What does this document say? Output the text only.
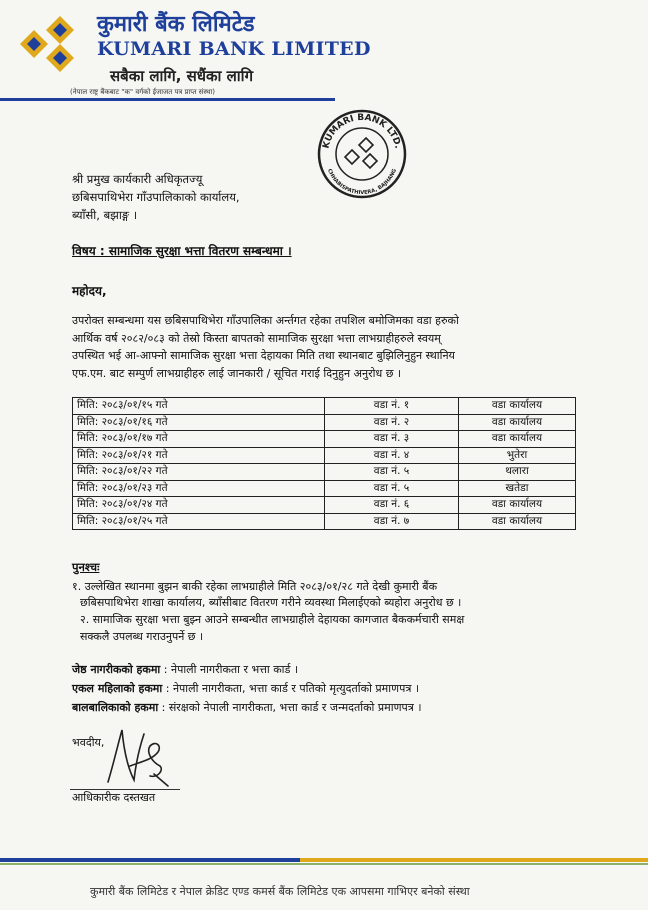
कुमारी बैंक लिमिटेड
KUMARI BANK LIMITED
सबैका लागि, सधैंका लागि
(नेपाल राष्ट्र बैंकबाट "क" वर्गको ईजाजत पत्र प्राप्त संस्था)
KUMARI BANK LTD.
CHHABISPATHIVERA, BAJHANG
श्री प्रमुख कार्यकारी अधिकृतज्यू
छबिसपाथिभेरा गाँउपालिकाको कार्यालय,
ब्याँसी, बझाङ्ग ।
विषय : सामाजिक सुरक्षा भत्ता वितरण सम्बन्धमा ।
महोदय,
उपरोक्त सम्बन्धमा यस छबिसपाथिभेरा गाँउपालिका अर्न्तगत रहेका तपशिल बमोजिमका वडा हरुको
आर्थिक वर्ष २०८२/०८३ को तेस्रो किस्ता बापतको सामाजिक सुरक्षा भत्ता लाभग्राहीहरुले स्वयम्
उपस्थित भई आ-आफ्नो सामाजिक सुरक्षा भत्ता देहायका मिति तथा स्थानबाट बुझिलिनुहुन स्थानिय
एफ.एम. बाट सम्पुर्ण लाभग्राहीहरु लाई जानकारी / सूचित गराई दिनुहुन अनुरोध छ ।
मिति: २०८३/०१/१५ गते	वडा नं. १	वडा कार्यालय
मिति: २०८३/०१/१६ गते	वडा नं. २	वडा कार्यालय
मिति: २०८३/०१/१७ गते	वडा नं. ३	वडा कार्यालय
मिति: २०८३/०१/२१ गते	वडा नं. ४	भुतेरा
मिति: २०८३/०१/२२ गते	वडा नं. ५	थलारा
मिति: २०८३/०१/२३ गते	वडा नं. ५	खतेडा
मिति: २०८३/०१/२४ गते	वडा नं. ६	वडा कार्यालय
मिति: २०८३/०१/२५ गते	वडा नं. ७	वडा कार्यालय
पुनश्चः
१. उल्लेखित स्थानमा बुझन बाकी रहेका लाभग्राहीले मिति २०८३/०१/२८ गते देखी कुमारी बैंक
छबिसपाथिभेरा शाखा कार्यालय, ब्याँसीबाट वितरण गरीने व्यवस्था मिलाईएको ब्यहोरा अनुरोध छ ।
२. सामाजिक सुरक्षा भत्ता बुझ्न आउने सम्बन्धीत लाभग्राहीले देहायका कागजात बैककर्मचारी समक्ष
सक्कलै उपलब्ध गराउनुपर्ने छ ।
जेष्ठ नागरीकको हकमा : नेपाली नागरीकता र भत्ता कार्ड ।
एकल महिलाको हकमा : नेपाली नागरीकता, भत्ता कार्ड र पतिको मृत्युदर्ताको प्रमाणपत्र ।
बालबालिकाको हकमा : संरक्षको नेपाली नागरीकता, भत्ता कार्ड र जन्मदर्ताको प्रमाणपत्र ।
भवदीय,
आधिकारीक दस्तखत
कुमारी बैंक लिमिटेड र नेपाल क्रेडिट एण्ड कमर्स बैंक लिमिटेड एक आपसमा गाभिएर बनेको संस्था
